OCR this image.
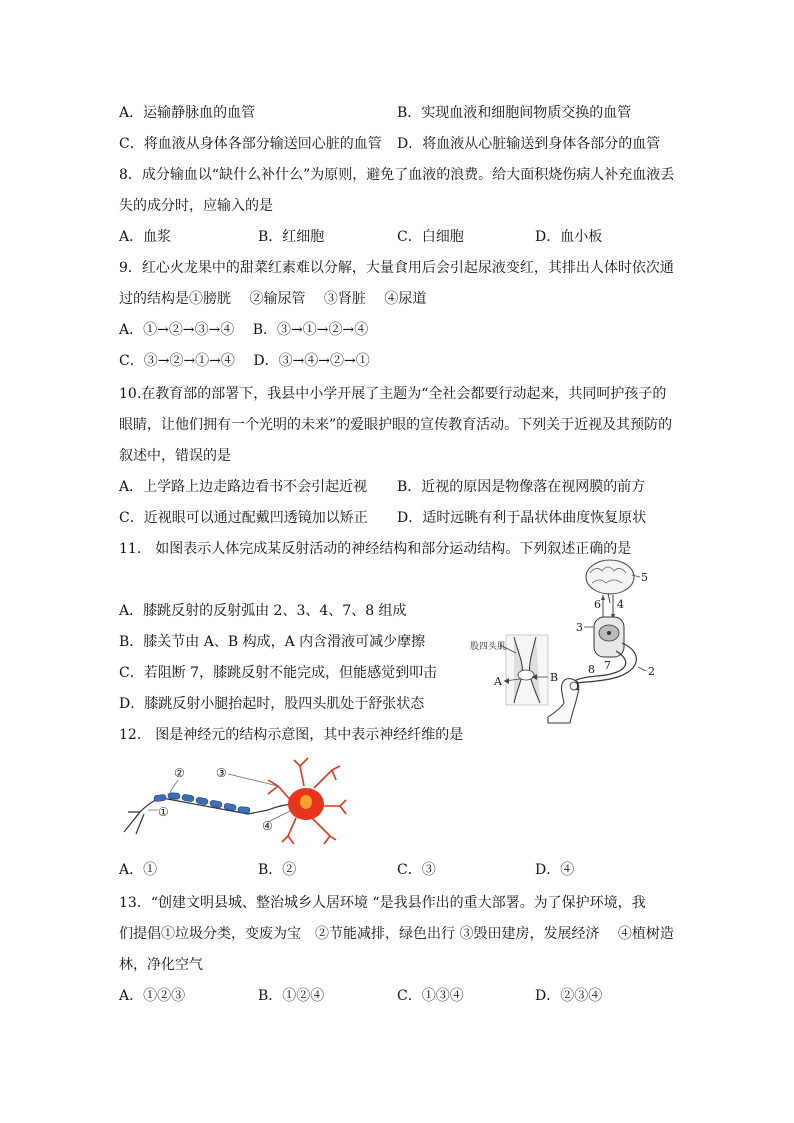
A．运输静脉血的血管	B．实现血液和细胞间物质交换的血管
C．将血液从身体各部分输送回心脏的血管 D．将血液从心脏输送到身体各部分的血管
8．成分输血以“缺什么补什么”为原则，避免了血液的浪费。给大面积烧伤病人补充血液丢
失的成分时，应输入的是
A．血浆	B．红细胞	C．白细胞	D．血小板
9．红心火龙果中的甜菜红素难以分解，大量食用后会引起尿液变红，其排出人体时依次通
过的结构是①膀胱　 ②输尿管　 ③肾脏　 ④尿道
A．①→②→③→④　 B．③→①→②→④
C．③→②→①→④　 D．③→④→②→①
10.在教育部的部署下，我县中小学开展了主题为“全社会都要行动起来，共同呵护孩子的
眼睛，让他们拥有一个光明的未来”的爱眼护眼的宣传教育活动。下列关于近视及其预防的
叙述中，错误的是
A．上学路上边走路边看书不会引起近视 B．近视的原因是物像落在视网膜的前方
C．近视眼可以通过配戴凹透镜加以矫正 D．适时远眺有利于晶状体曲度恢复原状
11.　如图表示人体完成某反射活动的神经结构和部分运动结构。下列叙述正确的是
A．膝跳反射的反射弧由 2、3、4、7、8 组成
B．膝关节由 A、B 构成，A 内含滑液可减少摩擦
C．若阻断 7，膝跳反射不能完成，但能感觉到叩击
D．膝跳反射小腿抬起时，股四头肌处于舒张状态
5
6 4
3
2
7
8
1
股四头肌
A	B
12.　图是神经元的结构示意图，其中表示神经纤维的是
②
①
③
④
A．①	B．②	C．③	D．④
13．“创建文明县城、整治城乡人居环境 “是我县作出的重大部署。为了保护环境，我
们提倡①垃圾分类，变废为宝　②节能减排，绿色出行 ③毁田建房，发展经济　 ④植树造
林，净化空气
A．①②③	B．①②④	C．①③④	D．②③④
